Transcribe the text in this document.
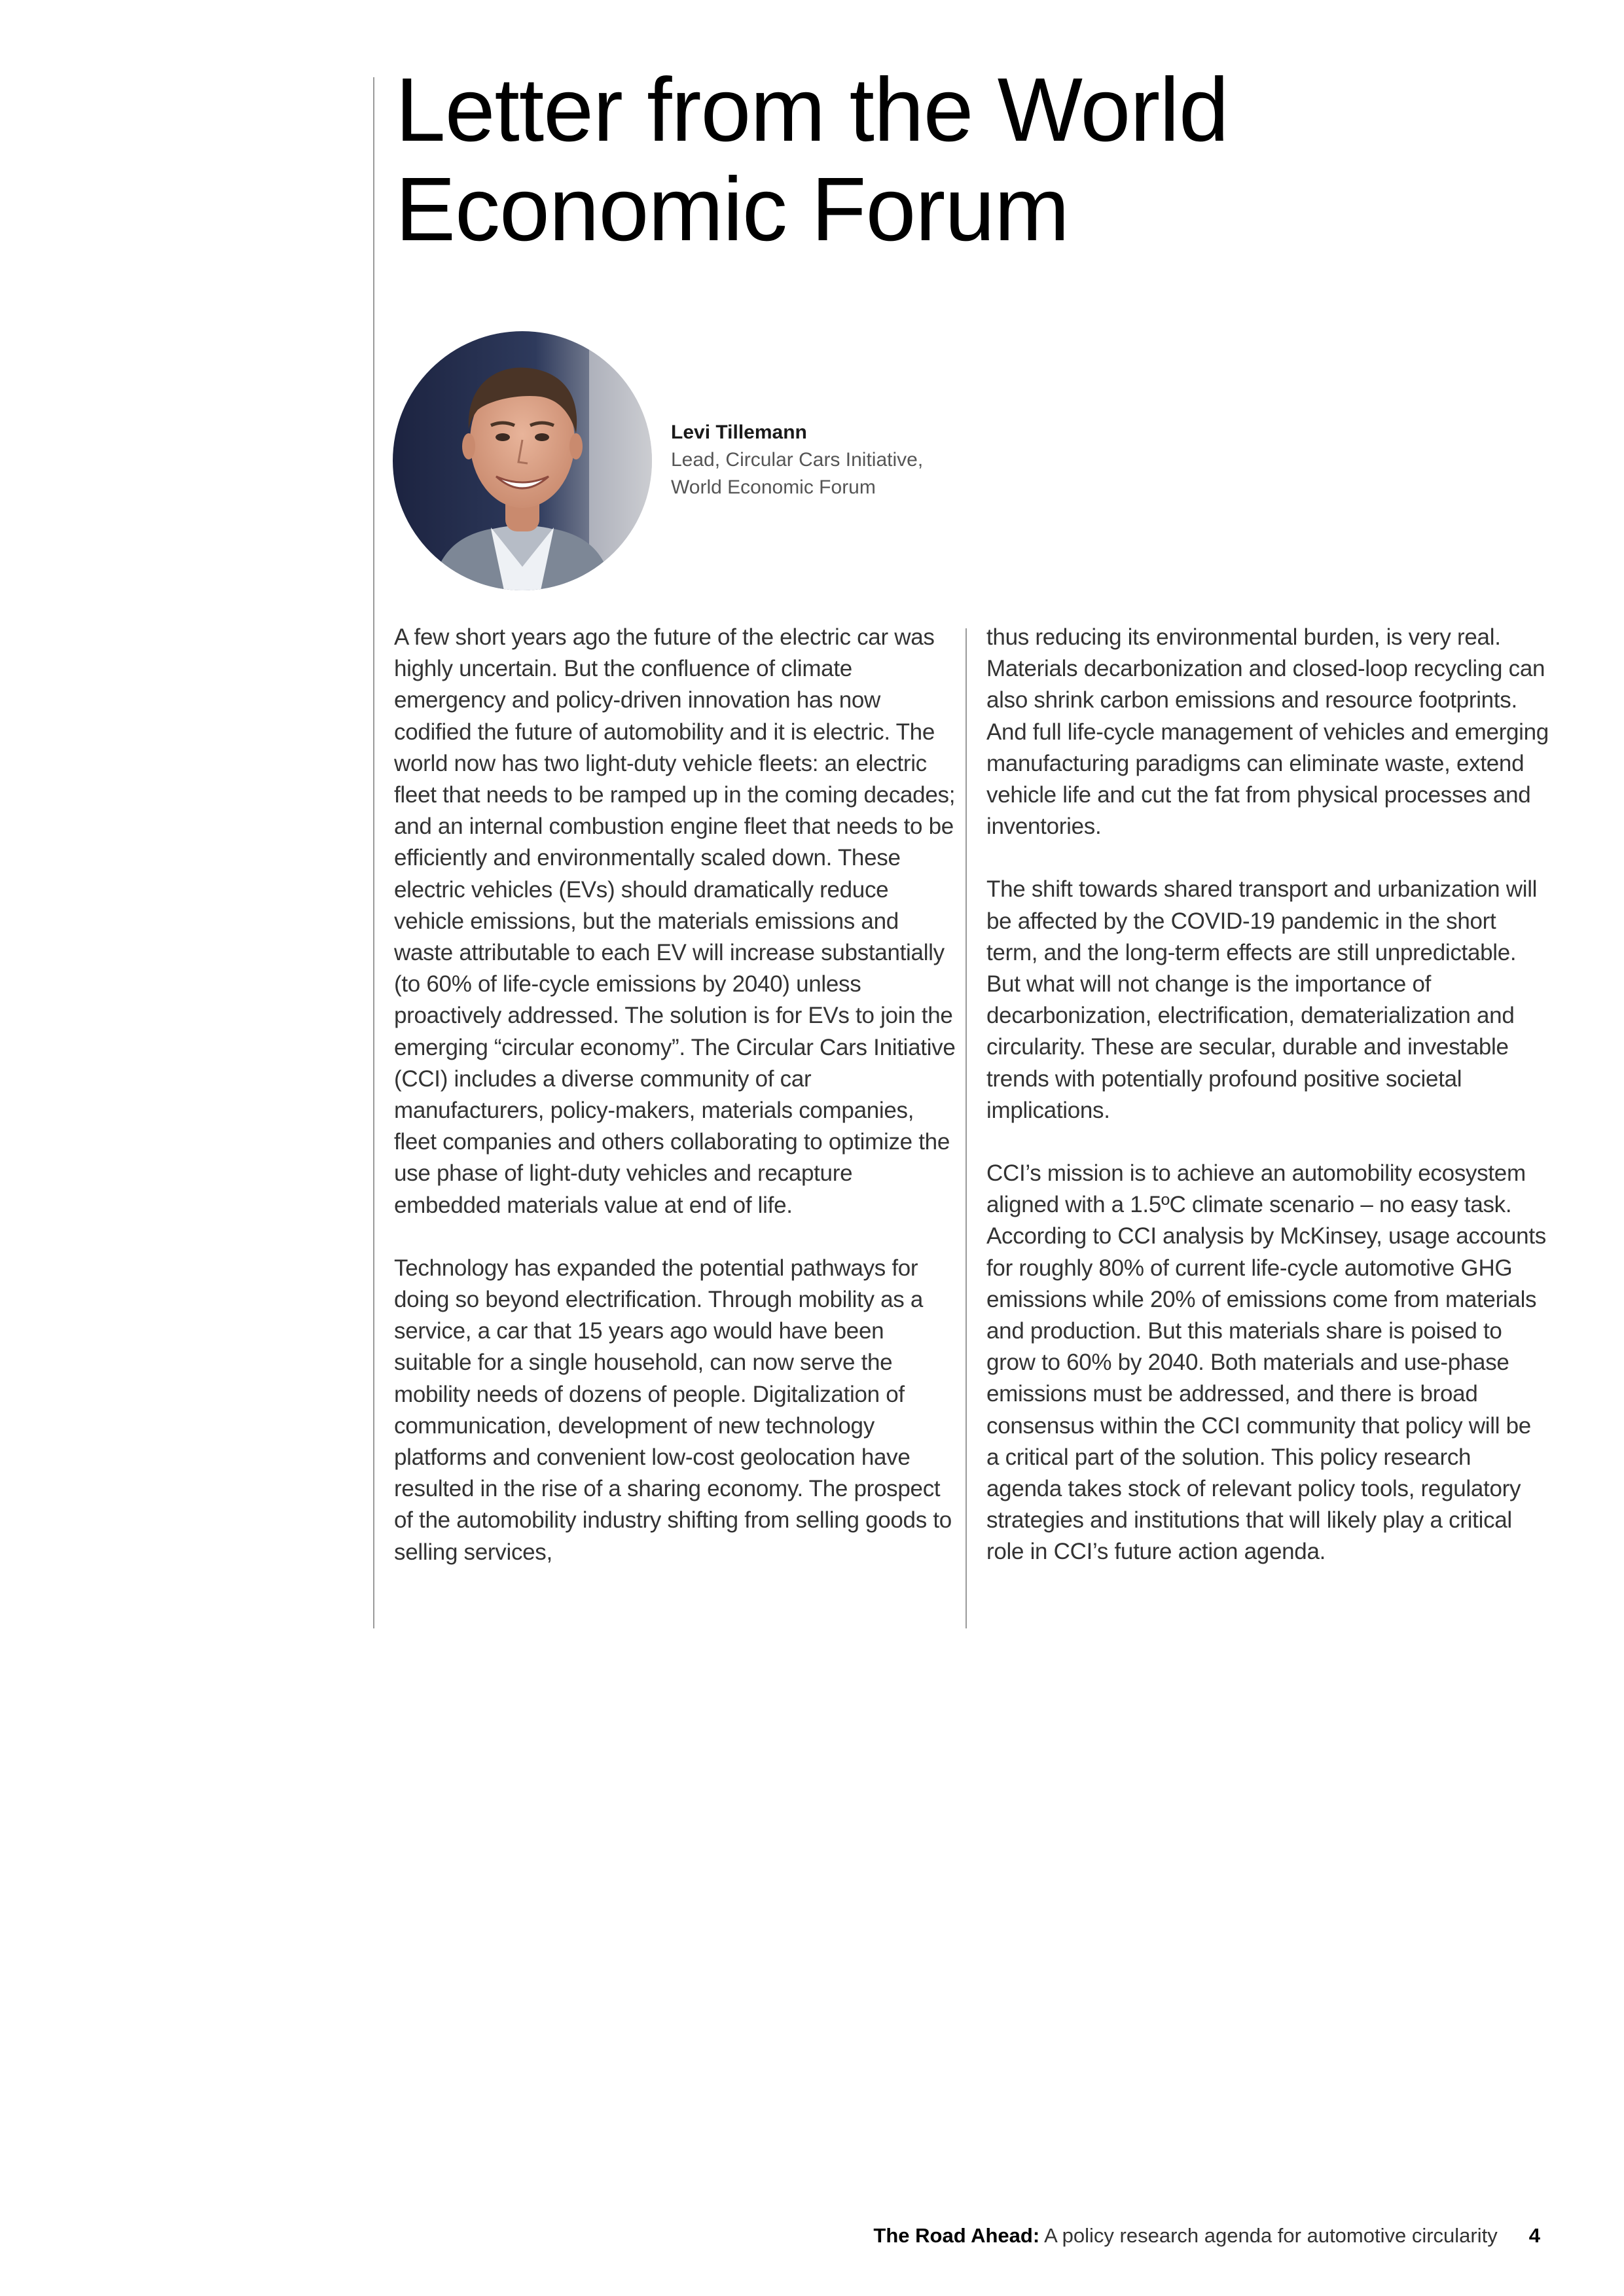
Letter from the World
Economic Forum
Levi Tillemann
Lead, Circular Cars Initiative,
World Economic Forum

A few short years ago the future of the electric car was highly uncertain. But the confluence of climate emergency and policy-driven innovation has now codified the future of automobility and it is electric. The world now has two light-duty vehicle fleets: an electric fleet that needs to be ramped up in the coming decades; and an internal combustion engine fleet that needs to be efficiently and environmentally scaled down. These electric vehicles (EVs) should dramatically reduce vehicle emissions, but the materials emissions and waste attributable to each EV will increase substantially (to 60% of life-cycle emissions by 2040) unless proactively addressed. The solution is for EVs to join the emerging “circular economy”. The Circular Cars Initiative (CCI) includes a diverse community of car manufacturers, policy-makers, materials companies, fleet companies and others collaborating to optimize the use phase of light-duty vehicles and recapture embedded materials value at end of life.

Technology has expanded the potential pathways for doing so beyond electrification. Through mobility as a service, a car that 15 years ago would have been suitable for a single household, can now serve the mobility needs of dozens of people. Digitalization of communication, development of new technology platforms and convenient low-cost geolocation have resulted in the rise of a sharing economy. The prospect of the automobility industry shifting from selling goods to selling services,

thus reducing its environmental burden, is very real. Materials decarbonization and closed-loop recycling can also shrink carbon emissions and resource footprints. And full life-cycle management of vehicles and emerging manufacturing paradigms can eliminate waste, extend vehicle life and cut the fat from physical processes and inventories.

The shift towards shared transport and urbanization will be affected by the COVID-19 pandemic in the short term, and the long-term effects are still unpredictable. But what will not change is the importance of decarbonization, electrification, dematerialization and circularity. These are secular, durable and investable trends with potentially profound positive societal implications.

CCI’s mission is to achieve an automobility ecosystem aligned with a 1.5ºC climate scenario – no easy task. According to CCI analysis by McKinsey, usage accounts for roughly 80% of current life-cycle automotive GHG emissions while 20% of emissions come from materials and production. But this materials share is poised to grow to 60% by 2040. Both materials and use-phase emissions must be addressed, and there is broad consensus within the CCI community that policy will be a critical part of the solution. This policy research agenda takes stock of relevant policy tools, regulatory strategies and institutions that will likely play a critical role in CCI’s future action agenda.

The Road Ahead: A policy research agenda for automotive circularity 4
